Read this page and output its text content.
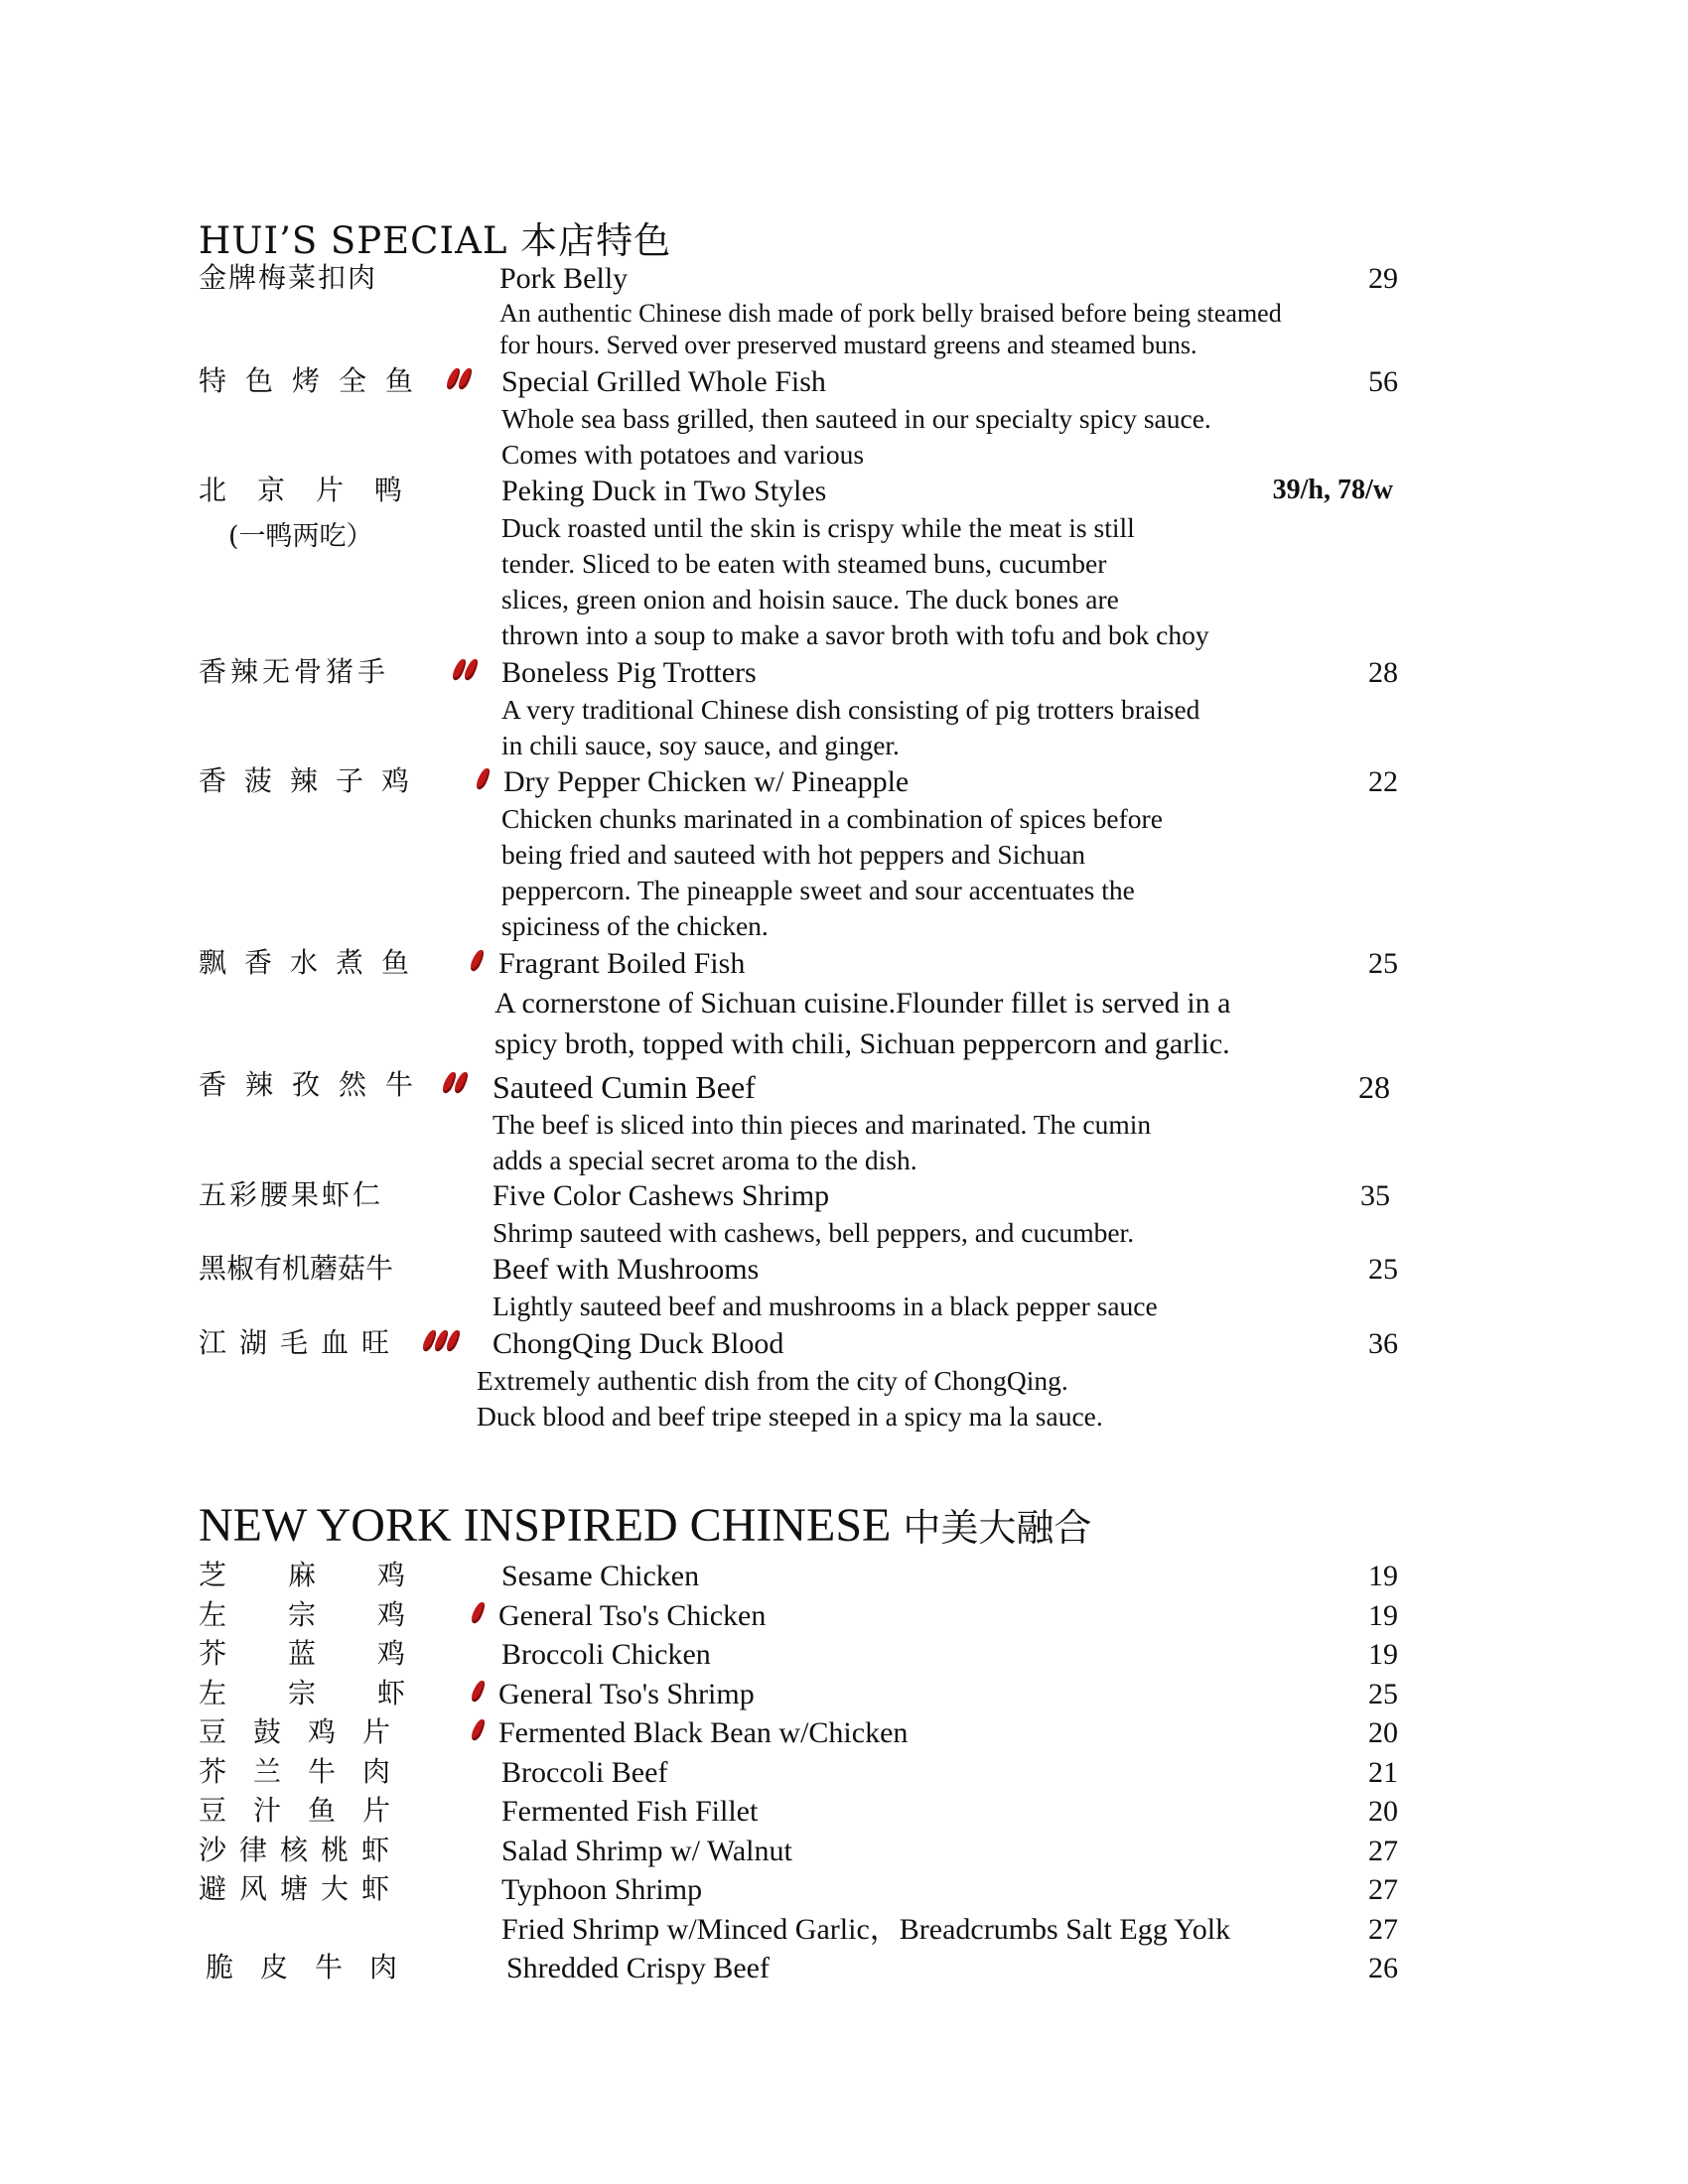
HUI’S SPECIAL 本店特色
金牌梅菜扣肉	Pork Belly	29
An authentic Chinese dish made of pork belly braised before being steamed
for hours. Served over preserved mustard greens and steamed buns.
特色烤全鱼 Special Grilled Whole Fish	56
Whole sea bass grilled, then sauteed in our specialty spicy sauce.
Comes with potatoes and various
北京片鸭
(一鸭两吃）
Peking Duck in Two Styles	39/h, 78/w
Duck roasted until the skin is crispy while the meat is still
tender. Sliced to be eaten with steamed buns, cucumber
slices, green onion and hoisin sauce. The duck bones are
thrown into a soup to make a savor broth with tofu and bok choy
香辣无骨猪手	Boneless Pig Trotters	28
A very traditional Chinese dish consisting of pig trotters braised
in chili sauce, soy sauce, and ginger.
香菠辣子鸡	Dry Pepper Chicken w/ Pineapple	22
Chicken chunks marinated in a combination of spices before
being fried and sauteed with hot peppers and Sichuan
peppercorn. The pineapple sweet and sour accentuates the
spiciness of the chicken.
飘香水煮鱼 Fragrant Boiled Fish	25
A cornerstone of Sichuan cuisine.Flounder fillet is served in a
spicy broth, topped with chili, Sichuan peppercorn and garlic.
香辣孜然牛 Sauteed Cumin Beef	28
The beef is sliced into thin pieces and marinated. The cumin
adds a special secret aroma to the dish.
五彩腰果虾仁	Five Color Cashews Shrimp	35
Shrimp sauteed with cashews, bell peppers, and cucumber.
黑椒有机蘑菇牛	Beef with Mushrooms	25
Lightly sauteed beef and mushrooms in a black pepper sauce
江湖毛血旺	ChongQing Duck Blood	36
Extremely authentic dish from the city of ChongQing.
Duck blood and beef tripe steeped in a spicy ma la sauce.
NEW YORK INSPIRED CHINESE 中美大融合
芝麻鸡 Sesame Chicken	19
左宗鸡 General Tso's Chicken	19
芥蓝鸡 Broccoli Chicken	19
左宗虾 General Tso's Shrimp	25
豆鼓鸡片	Fermented Black Bean w/Chicken	20
芥兰牛肉	Broccoli Beef	21
豆汁鱼片	Fermented Fish Fillet	20
沙律核桃虾	Salad Shrimp w/ Walnut	27
避风塘大虾	Typhoon Shrimp	27
Fried Shrimp w/Minced Garlic，Breadcrumbs Salt Egg Yolk	27
脆皮牛肉	Shredded Crispy Beef	26
